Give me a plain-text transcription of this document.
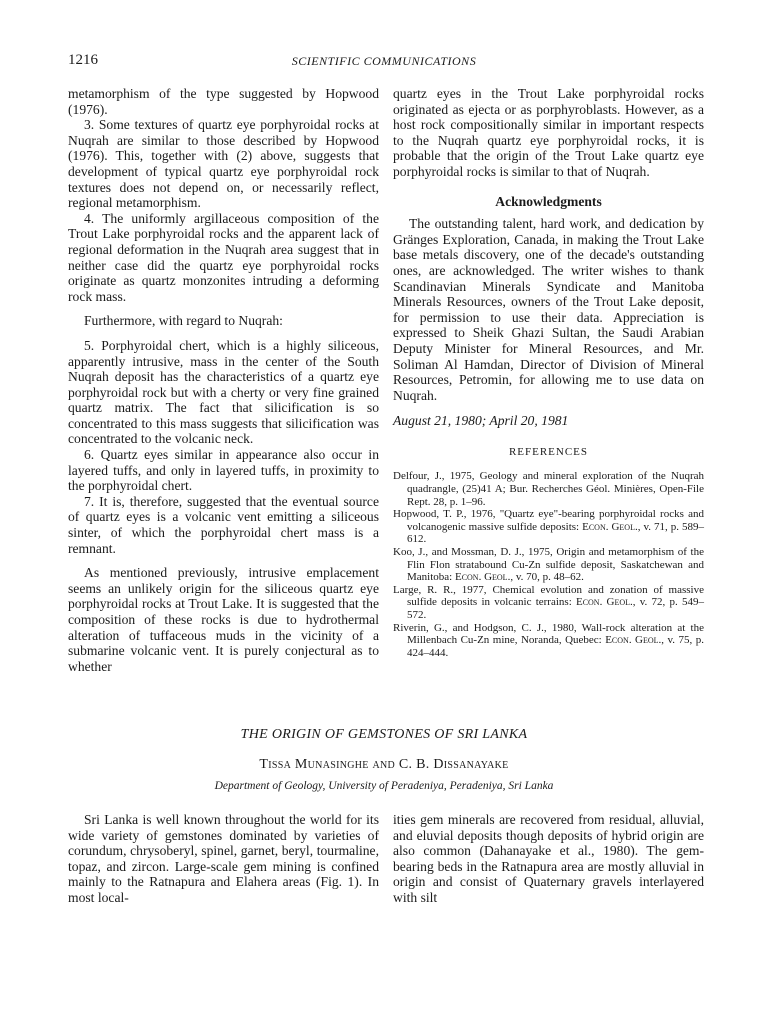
1216	SCIENTIFIC COMMUNICATIONS

metamorphism of the type suggested by Hopwood (1976).

3. Some textures of quartz eye porphyroidal rocks at Nuqrah are similar to those described by Hopwood (1976). This, together with (2) above, suggests that development of typical quartz eye porphyroidal rock textures does not depend on, or necessarily reflect, regional metamorphism.

4. The uniformly argillaceous composition of the Trout Lake porphyroidal rocks and the apparent lack of regional deformation in the Nuqrah area suggest that in neither case did the quartz eye porphyroidal rocks originate as quartz monzonites intruding a deforming rock mass.

Furthermore, with regard to Nuqrah:

5. Porphyroidal chert, which is a highly siliceous, apparently intrusive, mass in the center of the South Nuqrah deposit has the characteristics of a quartz eye porphyroidal rock but with a cherty or very fine grained quartz matrix. The fact that silicification is so concentrated to this mass suggests that silicification was concentrated to the volcanic neck.

6. Quartz eyes similar in appearance also occur in layered tuffs, and only in layered tuffs, in proximity to the porphyroidal chert.

7. It is, therefore, suggested that the eventual source of quartz eyes is a volcanic vent emitting a siliceous sinter, of which the porphyroidal chert mass is a remnant.

As mentioned previously, intrusive emplacement seems an unlikely origin for the siliceous quartz eye porphyroidal rocks at Trout Lake. It is suggested that the composition of these rocks is due to hydrothermal alteration of tuffaceous muds in the vicinity of a submarine volcanic vent. It is purely conjectural as to whether

quartz eyes in the Trout Lake porphyroidal rocks originated as ejecta or as porphyroblasts. However, as a host rock compositionally similar in important respects to the Nuqrah quartz eye porphyroidal rocks, it is probable that the origin of the Trout Lake quartz eye porphyroidal rocks is similar to that of Nuqrah.

Acknowledgments

The outstanding talent, hard work, and dedication by Gränges Exploration, Canada, in making the Trout Lake base metals discovery, one of the decade's outstanding ones, are acknowledged. The writer wishes to thank Scandinavian Minerals Syndicate and Manitoba Minerals Resources, owners of the Trout Lake deposit, for permission to use their data. Appreciation is expressed to Sheik Ghazi Sultan, the Saudi Arabian Deputy Minister for Mineral Resources, and Mr. Soliman Al Hamdan, Director of Division of Mineral Resources, Petromin, for allowing me to use data on Nuqrah.

August 21, 1980; April 20, 1981

REFERENCES

Delfour, J., 1975, Geology and mineral exploration of the Nuqrah quadrangle, (25)41 A; Bur. Recherches Géol. Minières, Open-File Rept. 28, p. 1–96.

Hopwood, T. P., 1976, "Quartz eye"-bearing porphyroidal rocks and volcanogenic massive sulfide deposits: Econ. Geol., v. 71, p. 589–612.

Koo, J., and Mossman, D. J., 1975, Origin and metamorphism of the Flin Flon stratabound Cu-Zn sulfide deposit, Saskatchewan and Manitoba: Econ. Geol., v. 70, p. 48–62.

Large, R. R., 1977, Chemical evolution and zonation of massive sulfide deposits in volcanic terrains: Econ. Geol., v. 72, p. 549–572.

Riverin, G., and Hodgson, C. J., 1980, Wall-rock alteration at the Millenbach Cu-Zn mine, Noranda, Quebec: Econ. Geol., v. 75, p. 424–444.

THE ORIGIN OF GEMSTONES OF SRI LANKA
Tissa Munasinghe and C. B. Dissanayake
Department of Geology, University of Peradeniya, Peradeniya, Sri Lanka

Sri Lanka is well known throughout the world for its wide variety of gemstones dominated by varieties of corundum, chrysoberyl, spinel, garnet, beryl, tourmaline, topaz, and zircon. Large-scale gem mining is confined mainly to the Ratnapura and Elahera areas (Fig. 1). In most local-

ities gem minerals are recovered from residual, alluvial, and eluvial deposits though deposits of hybrid origin are also common (Dahanayake et al., 1980). The gem-bearing beds in the Ratnapura area are mostly alluvial in origin and consist of Quaternary gravels interlayered with silt
